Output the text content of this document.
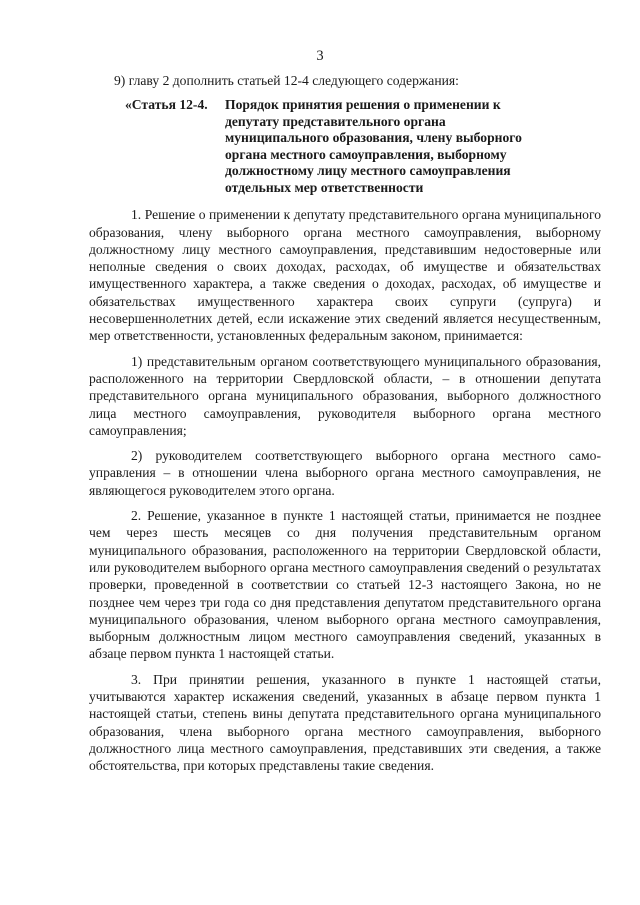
3

9) главу 2 дополнить статьей 12-4 следующего содержания:

«Статья 12-4.	Порядок принятия решения о применении к депутату представительного органа муниципального образования, члену выборного органа местного самоуправления, выборному должностному лицу местного самоуправления отдельных мер ответственности

1. Решение о применении к депутату представительного органа муниципального образования, члену выборного органа местного самоуправления, выборному должностному лицу местного самоуправления, представившим недостоверные или неполные сведения о своих доходах, расходах, об имуществе и обязательствах имущественного характера, а также сведения о доходах, расходах, об имуществе и обязательствах имущественного характера своих супруги (супруга) и несовершеннолетних детей, если искажение этих сведений является несущественным, мер ответственности, установленных федеральным законом, принимается:

1) представительным органом соответствующего муниципального образования, расположенного на территории Свердловской области, – в отношении депутата представительного органа муниципального образования, выборного должностного лица местного самоуправления, руководителя выборного органа местного самоуправления;

2) руководителем соответствующего выборного органа местного самоуправления – в отношении члена выборного органа местного самоуправления, не являющегося руководителем этого органа.

2. Решение, указанное в пункте 1 настоящей статьи, принимается не позднее чем через шесть месяцев со дня получения представительным органом муниципального образования, расположенного на территории Свердловской области, или руководителем выборного органа местного самоуправления сведений о результатах проверки, проведенной в соответствии со статьей 12-3 настоящего Закона, но не позднее чем через три года со дня представления депутатом представительного органа муниципального образования, членом выборного органа местного самоуправления, выборным должностным лицом местного самоуправления сведений, указанных в абзаце первом пункта 1 настоящей статьи.

3. При принятии решения, указанного в пункте 1 настоящей статьи, учитываются характер искажения сведений, указанных в абзаце первом пункта 1 настоящей статьи, степень вины депутата представительного органа муниципального образования, члена выборного органа местного самоуправления, выборного должностного лица местного самоуправления, представивших эти сведения, а также обстоятельства, при которых представлены такие сведения.
